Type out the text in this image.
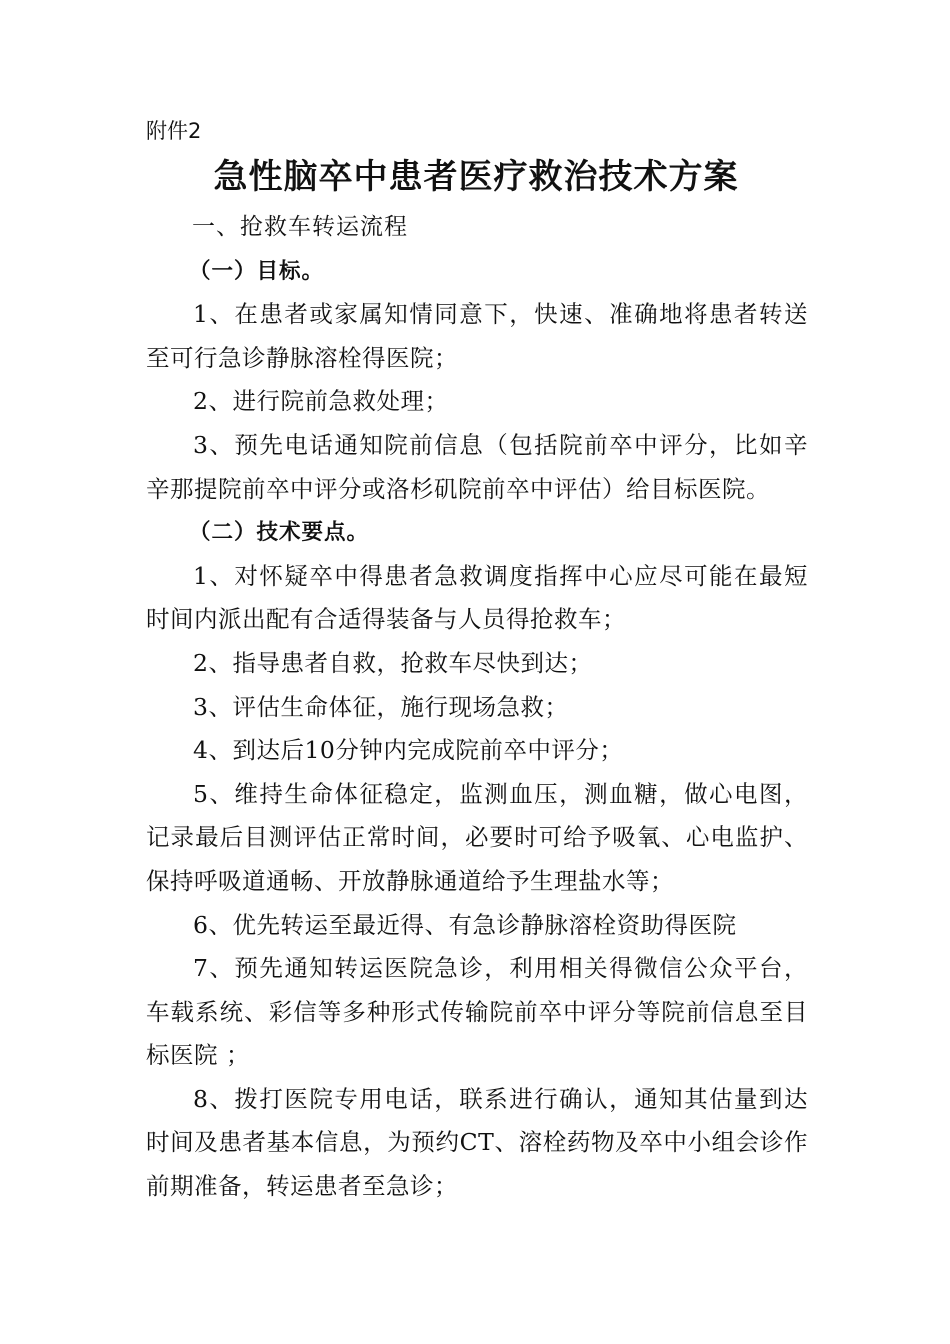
附件2

急性脑卒中患者医疗救治技术方案

一、抢救车转运流程

（一）目标。

1、在患者或家属知情同意下，快速、准确地将患者转送至可行急诊静脉溶栓得医院；

2、进行院前急救处理；

3、预先电话通知院前信息（包括院前卒中评分，比如辛辛那提院前卒中评分或洛杉矶院前卒中评估）给目标医院。

（二）技术要点。

1、对怀疑卒中得患者急救调度指挥中心应尽可能在最短时间内派出配有合适得装备与人员得抢救车；

2、指导患者自救，抢救车尽快到达；

3、评估生命体征，施行现场急救；

4、到达后10分钟内完成院前卒中评分；

5、维持生命体征稳定，监测血压，测血糖，做心电图，记录最后目测评估正常时间，必要时可给予吸氧、心电监护、保持呼吸道通畅、开放静脉通道给予生理盐水等；

6、优先转运至最近得、有急诊静脉溶栓资助得医院

7、预先通知转运医院急诊，利用相关得微信公众平台，车载系统、彩信等多种形式传输院前卒中评分等院前信息至目标医院 ；

8、拨打医院专用电话，联系进行确认，通知其估量到达时间及患者基本信息，为预约CT、溶栓药物及卒中小组会诊作前期准备，转运患者至急诊；
